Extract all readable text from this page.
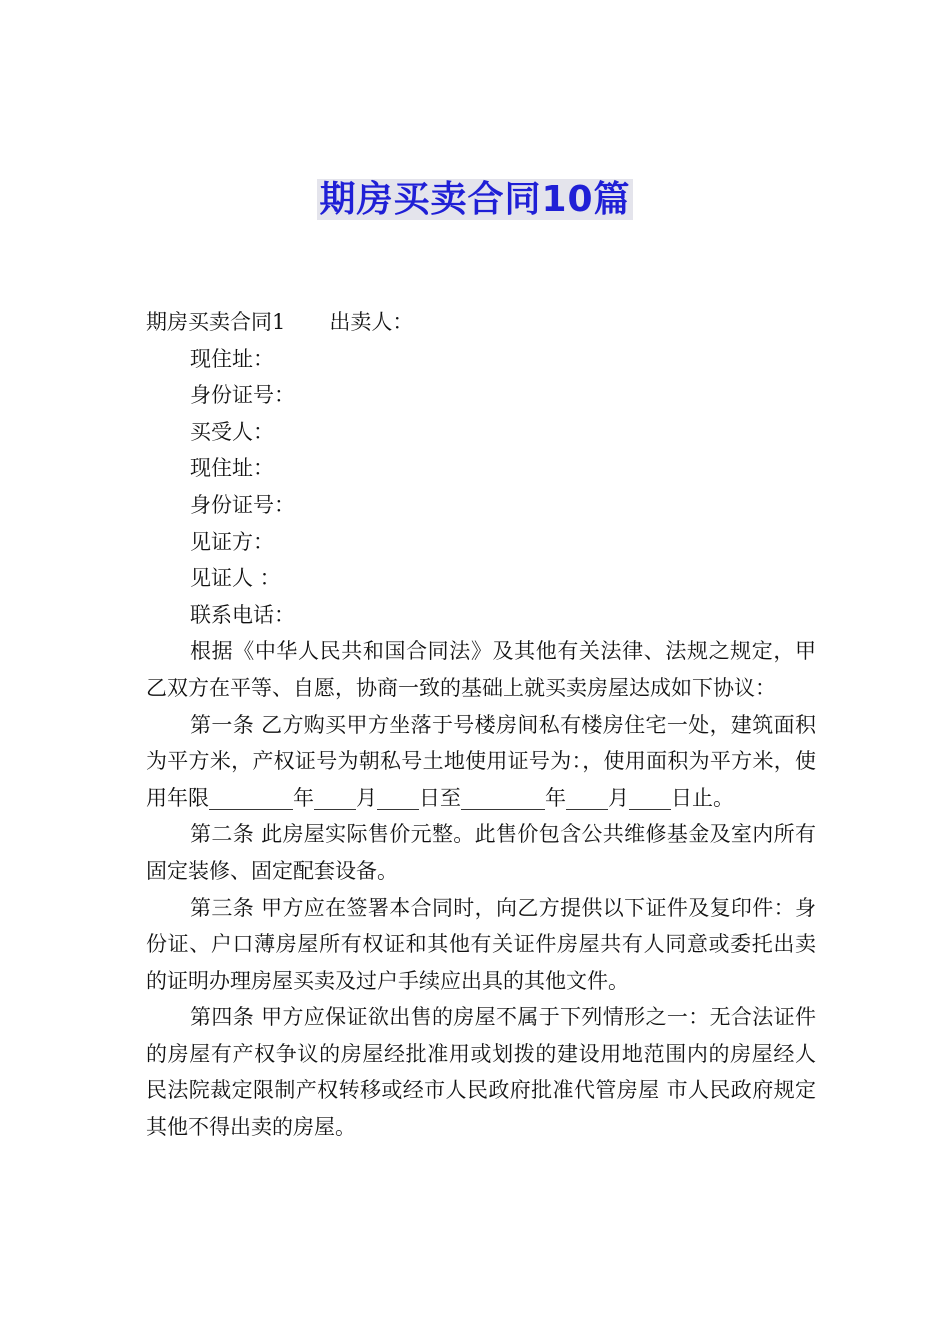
期房买卖合同10篇

期房买卖合同1 出卖人：

现住址：

身份证号：

买受人：

现住址：

身份证号：

见证方：

见证人 ：

联系电话：

根据《中华人民共和国合同法》及其他有关法律、法规之规定，甲乙双方在平等、自愿，协商一致的基础上就买卖房屋达成如下协议：

第一条 乙方购买甲方坐落于号楼房间私有楼房住宅一处，建筑面积为平方米，产权证号为朝私号土地使用证号为：，使用面积为平方米，使用年限________年____月____日至________年____月____日止。

第二条 此房屋实际售价元整。此售价包含公共维修基金及室内所有固定装修、固定配套设备。

第三条 甲方应在签署本合同时，向乙方提供以下证件及复印件：身份证、户口薄房屋所有权证和其他有关证件房屋共有人同意或委托出卖的证明办理房屋买卖及过户手续应出具的其他文件。

第四条 甲方应保证欲出售的房屋不属于下列情形之一：无合法证件的房屋有产权争议的房屋经批准用或划拨的建设用地范围内的房屋经人民法院裁定限制产权转移或经市人民政府批准代管房屋 市人民政府规定其他不得出卖的房屋。
